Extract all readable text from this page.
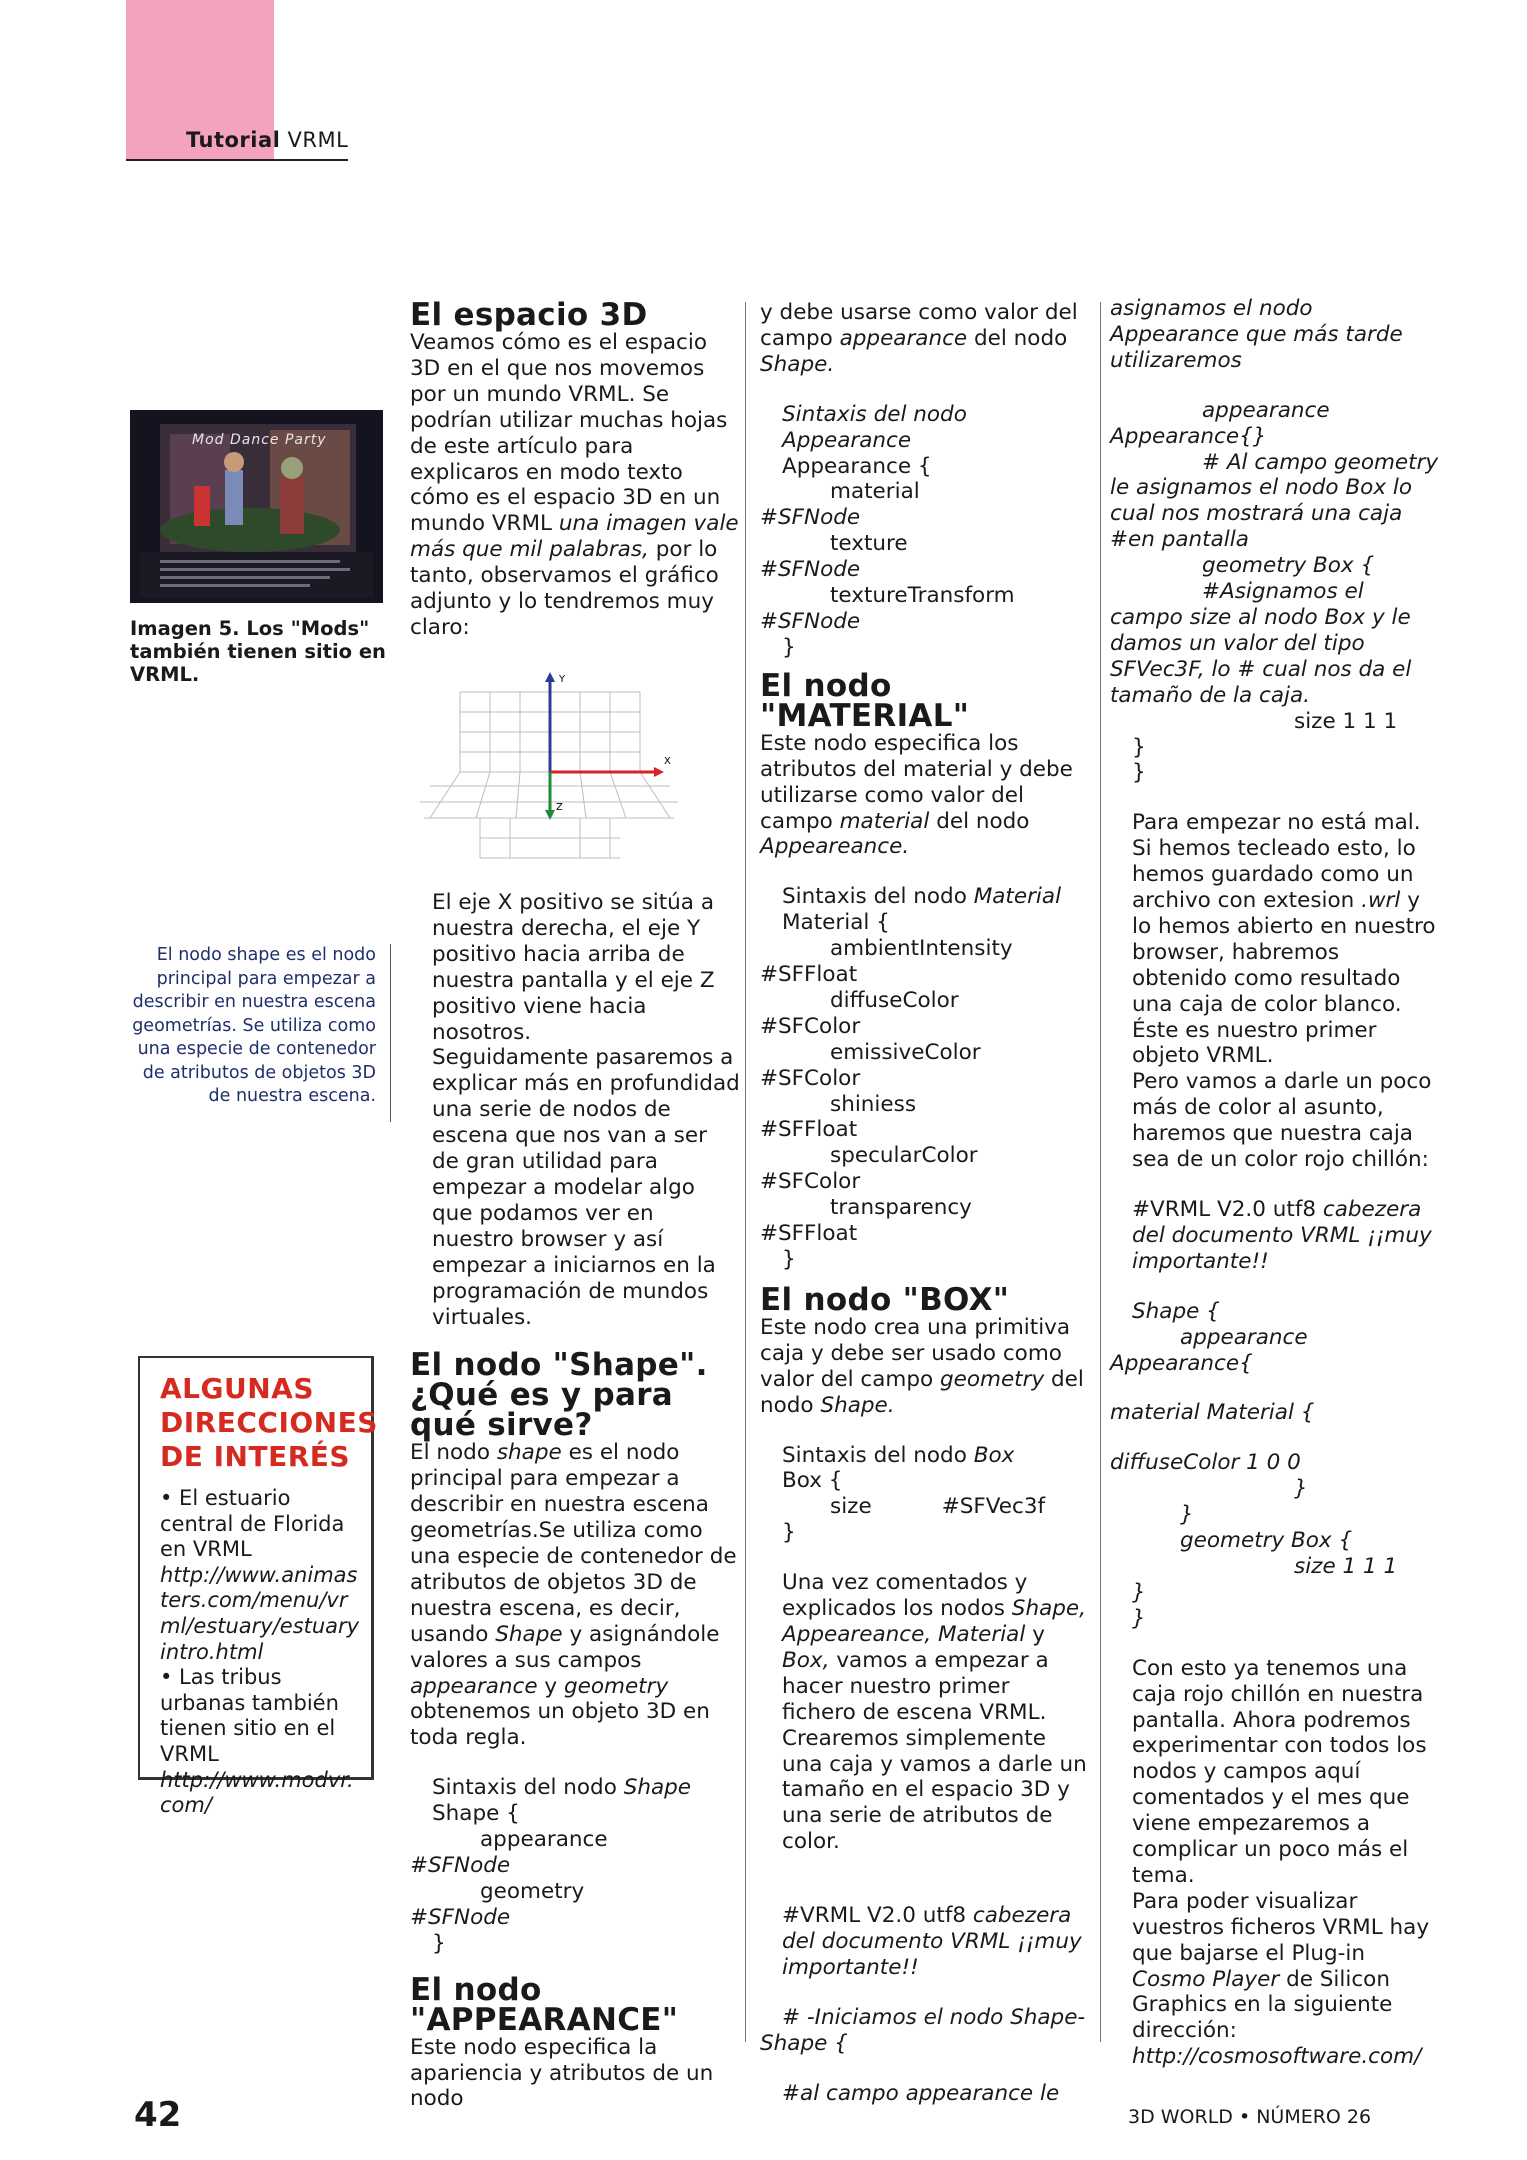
Tutorial VRML
Mod Dance Party
Imagen 5. Los "Mods" también tienen sitio en VRML.
El nodo shape es el nodo principal para empezar a describir en nuestra escena geometrías. Se utiliza como una especie de contenedor de atributos de objetos 3D de nuestra escena.
ALGUNAS DIRECCIONES DE INTERÉS
• El estuario central de Florida en VRML
http://www.animasters.com/menu/vrml/estuary/estuaryintro.html
• Las tribus urbanas también tienen sitio en el VRML
http://www.modvr.com/
Y
X
Z
El espacio 3D

Veamos cómo es el espacio 3D en el que nos movemos por un mundo VRML. Se podrían utilizar muchas hojas de este artículo para explicaros en modo texto cómo es el espacio 3D en un mundo VRML una imagen vale más que mil palabras, por lo tanto, observamos el gráfico adjunto y lo tendremos muy claro:

El eje X positivo se sitúa a nuestra derecha, el eje Y positivo hacia arriba de nuestra pantalla y el eje Z positivo viene hacia nosotros.

Seguidamente pasaremos a explicar más en profundidad una serie de nodos de escena que nos van a ser de gran utilidad para empezar a modelar algo que podamos ver en nuestro browser y así empezar a iniciarnos en la programación de mundos virtuales.

El nodo "Shape". ¿Qué es y para qué sirve?

El nodo shape es el nodo principal para empezar a describir en nuestra escena geometrías.Se utiliza como una especie de contenedor de atributos de objetos 3D de nuestra escena, es decir, usando Shape y asignándole valores a sus campos appearance y geometry obtenemos un objeto 3D en toda regla.

Sintaxis del nodo Shape

Shape {

appearance

#SFNode

geometry

#SFNode

}

El nodo "APPEARANCE"

Este nodo especifica la apariencia y atributos de un nodo

y debe usarse como valor del campo appearance del nodo Shape.

Sintaxis del nodo Appearance

Appearance {

material

#SFNode

texture

#SFNode

textureTransform

#SFNode

}

El nodo "MATERIAL"

Este nodo especifica los atributos del material y debe utilizarse como valor del campo material del nodo Appeareance.

Sintaxis del nodo Material

Material {

ambientIntensity

#SFFloat

diffuseColor

#SFColor

emissiveColor

#SFColor

shiniess

#SFFloat

specularColor

#SFColor

transparency

#SFFloat

}

El nodo "BOX"

Este nodo crea una primitiva caja y debe ser usado como valor del campo geometry del nodo Shape.

Sintaxis del nodo Box

Box {

size	#SFVec3f

}

Una vez comentados y explicados los nodos Shape, Appeareance, Material y Box, vamos a empezar a hacer nuestro primer fichero de escena VRML. Crearemos simplemente una caja y vamos a darle un tamaño en el espacio 3D y una serie de atributos de color.

#VRML V2.0 utf8 cabezera del documento VRML ¡¡muy importante!!

# -Iniciamos el nodo Shape-

Shape {

#al campo appearance le

asignamos el nodo Appearance que más tarde utilizaremos

appearance

Appearance{}

# Al campo geometry le asignamos el nodo Box lo cual nos mostrará una caja #en pantalla

geometry Box {

#Asignamos el campo size al nodo Box y le damos un valor del tipo SFVec3F, lo # cual nos da el tamaño de la caja.

size 1 1 1

}

}

Para empezar no está mal. Si hemos tecleado esto, lo hemos guardado como un archivo con extesion .wrl y lo hemos abierto en nuestro browser, habremos obtenido como resultado una caja de color blanco.

Éste es nuestro primer objeto VRML.

Pero vamos a darle un poco más de color al asunto, haremos que nuestra caja sea de un color rojo chillón:

#VRML V2.0 utf8 cabezera del documento VRML ¡¡muy importante!!

Shape {

appearance

Appearance{

material Material {

diffuseColor 1 0 0

}

}

geometry Box {

size 1 1 1

}

}

Con esto ya tenemos una caja rojo chillón en nuestra pantalla. Ahora podremos experimentar con todos los nodos y campos aquí comentados y el mes que viene empezaremos a complicar un poco más el tema.

Para poder visualizar vuestros ficheros VRML hay que bajarse el Plug-in Cosmo Player de Silicon Graphics en la siguiente dirección:

http://cosmosoftware.com/

42	3D WORLD • NÚMERO 26
